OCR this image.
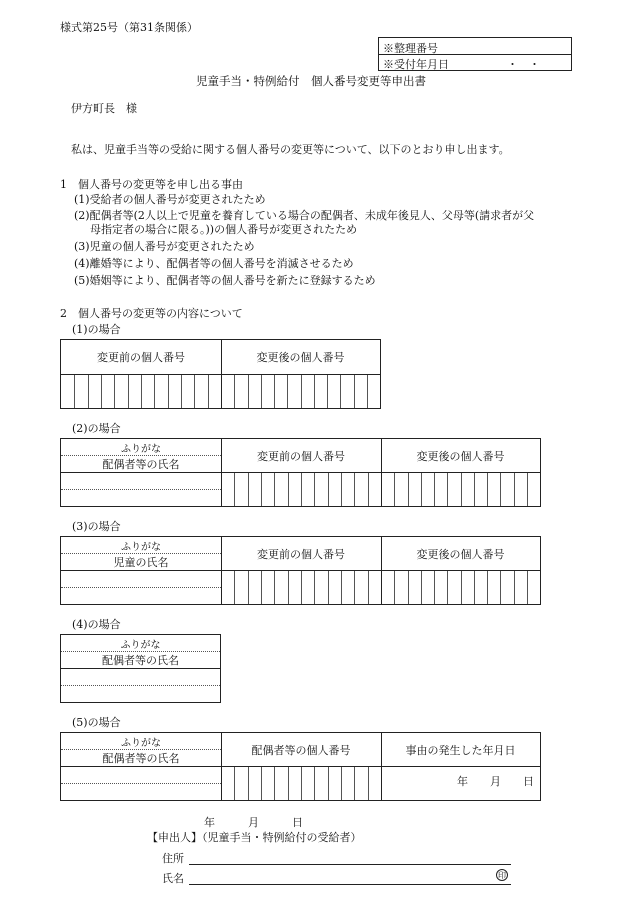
様式第25号（第31条関係）
※整理番号
※受付年月日	・　・
児童手当・特例給付　個人番号変更等申出書
伊方町長　様
私は、児童手当等の受給に関する個人番号の変更等について、以下のとおり申し出ます。
1　個人番号の変更等を申し出る事由
(1)受給者の個人番号が変更されたため
(2)配偶者等(2人以上で児童を養育している場合の配偶者、未成年後見人、父母等(請求者が父
母指定者の場合に限る。))の個人番号が変更されたため
(3)児童の個人番号が変更されたため
(4)離婚等により、配偶者等の個人番号を消滅させるため
(5)婚姻等により、配偶者等の個人番号を新たに登録するため
2　個人番号の変更等の内容について
(1)の場合
変更前の個人番号	変更後の個人番号
(2)の場合
ふりがな
配偶者等の氏名
変更前の個人番号	変更後の個人番号
(3)の場合
ふりがな
児童の氏名
変更前の個人番号	変更後の個人番号
(4)の場合
ふりがな
配偶者等の氏名
(5)の場合
ふりがな
配偶者等の氏名
配偶者等の個人番号	事由の発生した年月日
年　　月　　日
年　　　月　　　日
【申出人】（児童手当・特例給付の受給者）
住所
氏名	印
